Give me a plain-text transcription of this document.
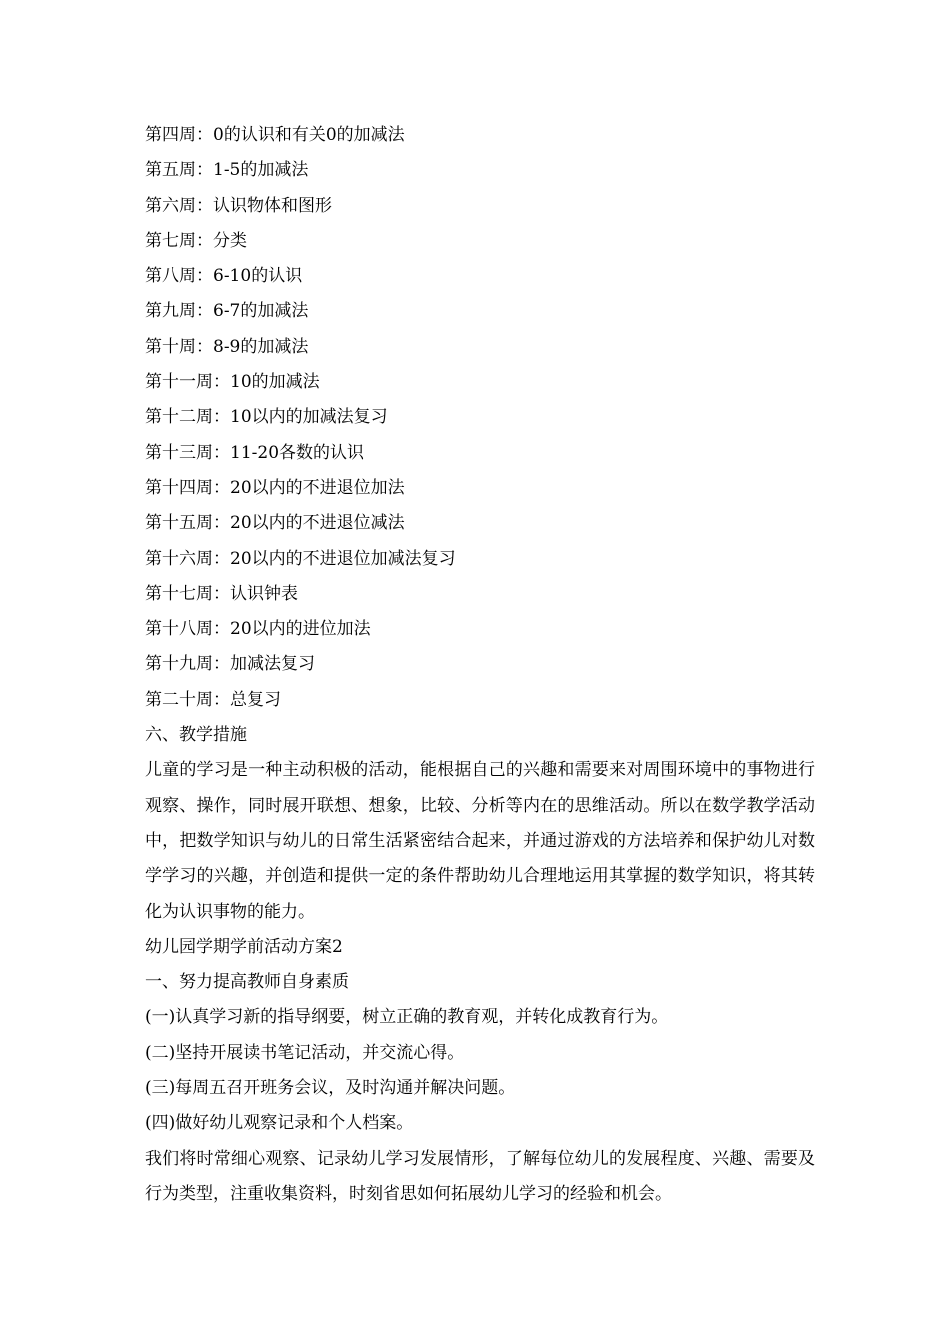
第四周：0的认识和有关0的加减法
第五周：1-5的加减法
第六周：认识物体和图形
第七周：分类
第八周：6-10的认识
第九周：6-7的加减法
第十周：8-9的加减法
第十一周：10的加减法
第十二周：10以内的加减法复习
第十三周：11-20各数的认识
第十四周：20以内的不进退位加法
第十五周：20以内的不进退位减法
第十六周：20以内的不进退位加减法复习
第十七周：认识钟表
第十八周：20以内的进位加法
第十九周：加减法复习
第二十周：总复习
六、教学措施

儿童的学习是一种主动积极的活动，能根据自己的兴趣和需要来对周围环境中的事物进行观察、操作，同时展开联想、想象，比较、分析等内在的思维活动。所以在数学教学活动中，把数学知识与幼儿的日常生活紧密结合起来，并通过游戏的方法培养和保护幼儿对数学学习的兴趣，并创造和提供一定的条件帮助幼儿合理地运用其掌握的数学知识，将其转化为认识事物的能力。

幼儿园学期学前活动方案2
一、努力提高教师自身素质
(一)认真学习新的指导纲要，树立正确的教育观，并转化成教育行为。
(二)坚持开展读书笔记活动，并交流心得。
(三)每周五召开班务会议，及时沟通并解决问题。
(四)做好幼儿观察记录和个人档案。

我们将时常细心观察、记录幼儿学习发展情形，了解每位幼儿的发展程度、兴趣、需要及行为类型，注重收集资料，时刻省思如何拓展幼儿学习的经验和机会。
